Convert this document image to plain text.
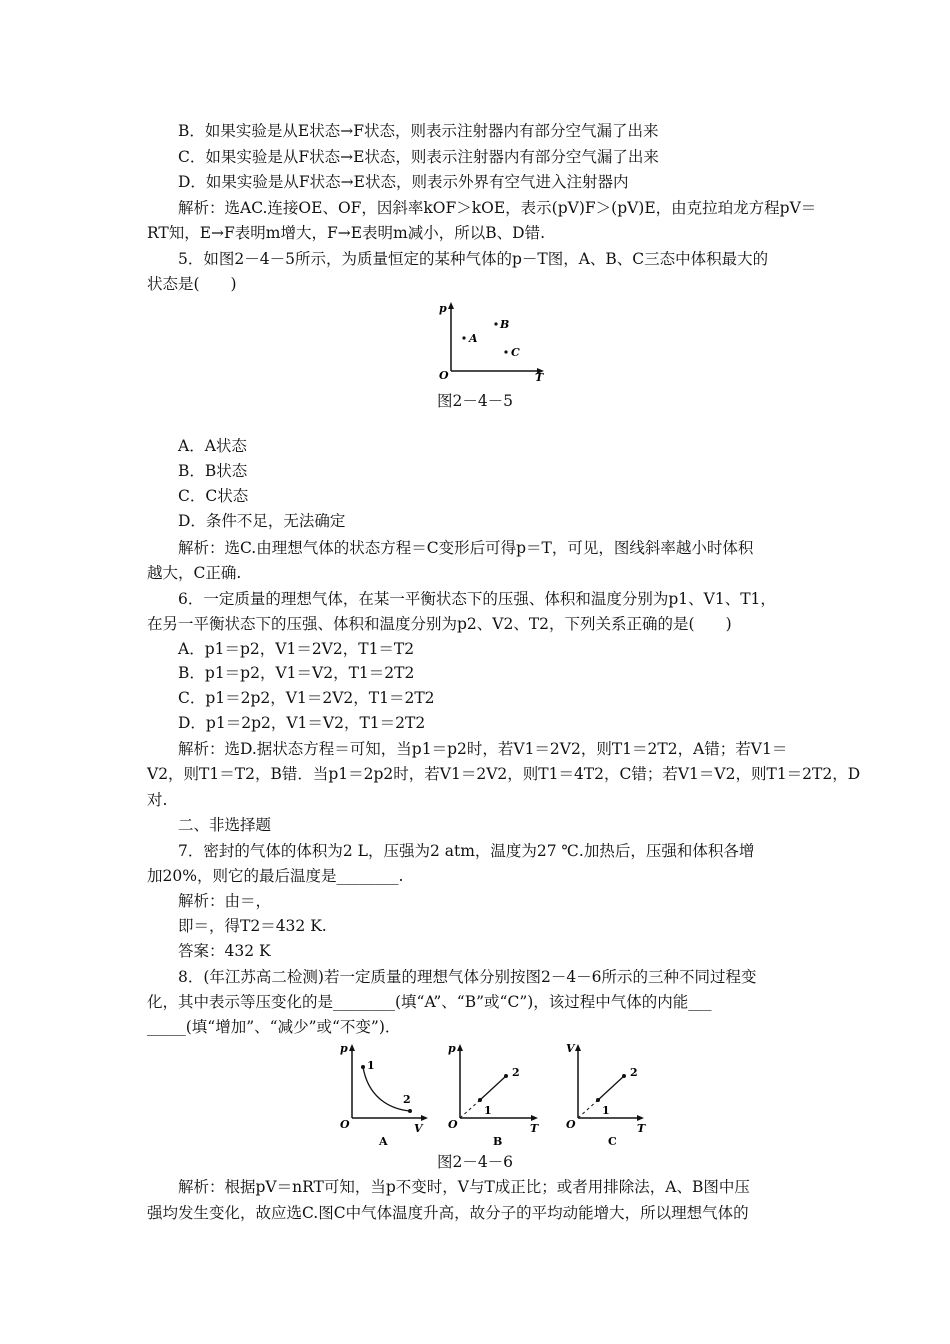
B．如果实验是从E状态→F状态，则表示注射器内有部分空气漏了出来
C．如果实验是从F状态→E状态，则表示注射器内有部分空气漏了出来
D．如果实验是从F状态→E状态，则表示外界有空气进入注射器内
解析：选AC.连接OE、OF，因斜率kOF＞kOE，表示(pV)F＞(pV)E，由克拉珀龙方程pV＝
RT知，E→F表明m增大，F→E表明m减小，所以B、D错.
5．如图2－4－5所示，为质量恒定的某种气体的p－T图，A、B、C三态中体积最大的
状态是(　　)
p
T
O
A
B
C
图2－4－5
A．A状态
B．B状态
C．C状态
D．条件不足，无法确定
解析：选C.由理想气体的状态方程＝C变形后可得p＝T，可见，图线斜率越小时体积
越大，C正确.
6．一定质量的理想气体，在某一平衡状态下的压强、体积和温度分别为p1、V1、T1，
在另一平衡状态下的压强、体积和温度分别为p2、V2、T2，下列关系正确的是(　　)
A．p1＝p2，V1＝2V2，T1＝T2
B．p1＝p2，V1＝V2，T1＝2T2
C．p1＝2p2，V1＝2V2，T1＝2T2
D．p1＝2p2，V1＝V2，T1＝2T2
解析：选D.据状态方程＝可知，当p1＝p2时，若V1＝2V2，则T1＝2T2，A错；若V1＝
V2，则T1＝T2，B错．当p1＝2p2时，若V1＝2V2，则T1＝4T2，C错；若V1＝V2，则T1＝2T2，D
对.
二、非选择题
7．密封的气体的体积为2 L，压强为2 atm，温度为27 ℃.加热后，压强和体积各增
加20%，则它的最后温度是________.
解析：由＝，
即＝，得T2＝432 K.
答案：432 K
8．(年江苏高二检测)若一定质量的理想气体分别按图2－4－6所示的三种不同过程变
化，其中表示等压变化的是________(填“A”、“B”或“C”)，该过程中气体的内能___
_____(填“增加”、“减少”或“不变”)．
p
V
O
1
2
A
p
T
O
1
2
B
V
T
O
1
2
C
图2－4－6
解析：根据pV＝nRT可知，当p不变时，V与T成正比；或者用排除法，A、B图中压
强均发生变化，故应选C.图C中气体温度升高，故分子的平均动能增大，所以理想气体的
